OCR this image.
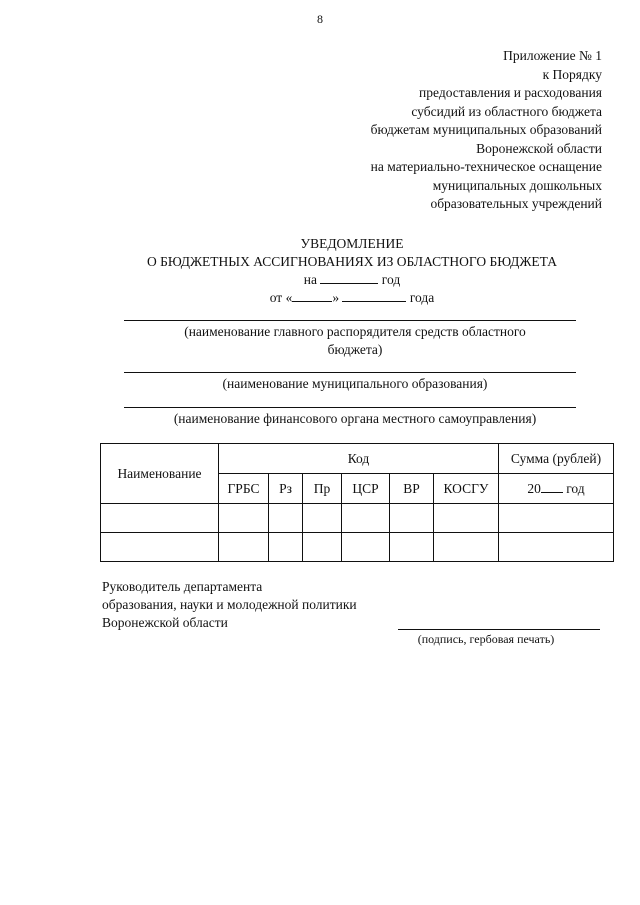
8
Приложение № 1
к Порядку
предоставления и расходования
субсидий из областного бюджета
бюджетам муниципальных образований
Воронежской области
на материально-техническое оснащение
муниципальных дошкольных
образовательных учреждений
УВЕДОМЛЕНИЕ
О БЮДЖЕТНЫХ АССИГНОВАНИЯХ ИЗ ОБЛАСТНОГО БЮДЖЕТА
на	год
от «	»	года
(наименование главного распорядителя средств областного
бюджета)
(наименование муниципального образования)
(наименование финансового органа местного самоуправления)
Наименование	Код						Сумма (рублей)
	ГРБС	Рз	Пр	ЦСР	ВР	КОСГУ	20 год

Руководитель департамента
образования, науки и молодежной политики
Воронежской области
(подпись, гербовая печать)
